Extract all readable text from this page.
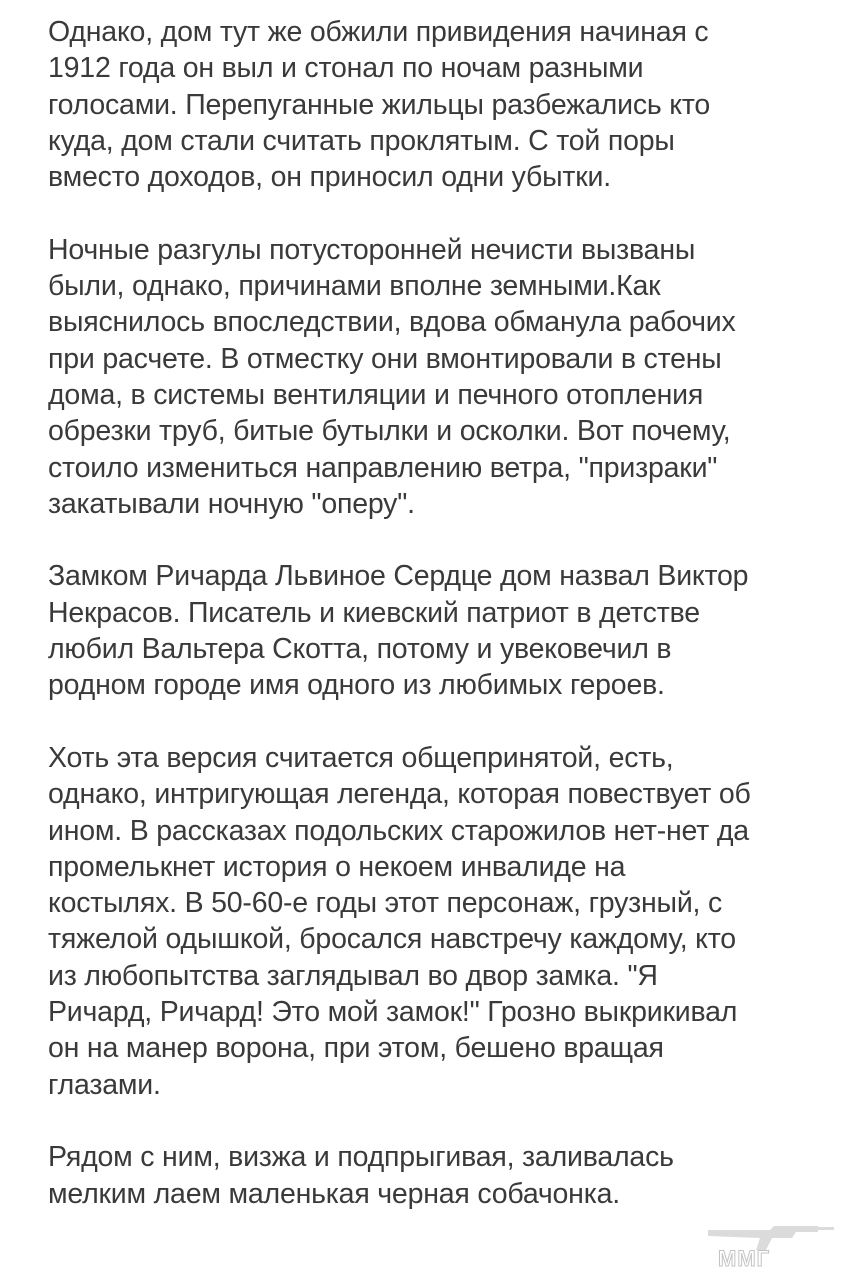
Однако, дом тут же обжили привидения начиная с
1912 года он выл и стонал по ночам разными
голосами. Перепуганные жильцы разбежались кто
куда, дом стали считать проклятым. С той поры
вместо доходов, он приносил одни убытки.

Ночные разгулы потусторонней нечисти вызваны
были, однако, причинами вполне земными.Как
выяснилось впоследствии, вдова обманула рабочих
при расчете. В отместку они вмонтировали в стены
дома, в системы вентиляции и печного отопления
обрезки труб, битые бутылки и осколки. Вот почему,
стоило измениться направлению ветра, "призраки"
закатывали ночную "оперу".

Замком Ричарда Львиное Сердце дом назвал Виктор
Некрасов. Писатель и киевский патриот в детстве
любил Вальтера Скотта, потому и увековечил в
родном городе имя одного из любимых героев.

Хоть эта версия считается общепринятой, есть,
однако, интригующая легенда, которая повествует об
ином. В рассказах подольских старожилов нет-нет да
промелькнет история о некоем инвалиде на
костылях. В 50-60-е годы этот персонаж, грузный, с
тяжелой одышкой, бросался навстречу каждому, кто
из любопытства заглядывал во двор замка. "Я
Ричард, Ричард! Это мой замок!" Грозно выкрикивал
он на манер ворона, при этом, бешено вращая
глазами.

Рядом с ним, визжа и подпрыгивая, заливалась
мелким лаем маленькая черная собачонка.

ММГ
